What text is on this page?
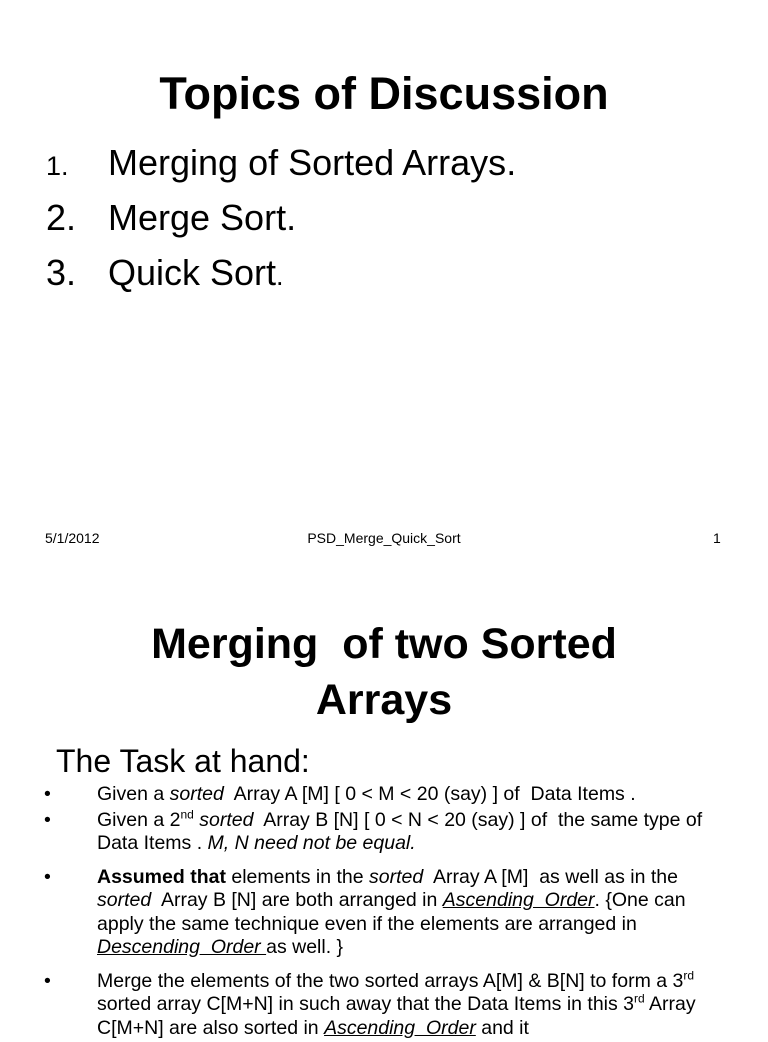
Topics of Discussion
1. Merging of Sorted Arrays.
2. Merge Sort.
3. Quick Sort.
5/1/2012	PSD_Merge_Quick_Sort	1
Merging  of two Sorted
Arrays
The Task at hand:
• Given a sorted  Array A [M] [ 0 < M < 20 (say) ] of  Data Items .
• Given a 2nd sorted  Array B [N] [ 0 < N < 20 (say) ] of  the same type of Data Items . M, N need not be equal.
• Assumed that elements in the sorted  Array A [M]  as well as in the  sorted  Array B [N] are both arranged in Ascending  Order. {One can apply the same technique even if the elements are arranged in Descending  Order as well. }
• Merge the elements of the two sorted arrays A[M] & B[N] to form a 3rd sorted array C[M+N] in such away that the Data Items in this 3rd Array C[M+N] are also sorted in Ascending  Order and it
